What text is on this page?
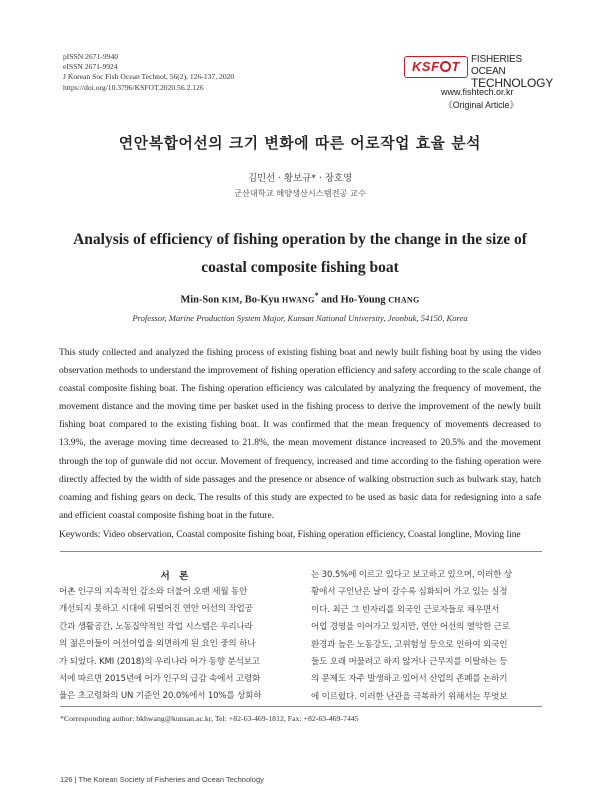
pISSN 2671-9940
eISSN 2671-9924
J Korean Soc Fish Ocean Technol, 56(2), 126-137, 2020
https://doi.org/10.3796/KSFOT.2020.56.2.126
KSF T	FISHERIES OCEAN
TECHNOLOGY
www.fishtech.or.kr
《Original Article》
연안복합어선의 크기 변화에 따른 어로작업 효율 분석
김민선 · 황보규* · 장호영
군산대학교 해양생산시스템전공 교수
Analysis of efficiency of fishing operation by the change in the size of
coastal composite fishing boat
Min-Son KIM, Bo-Kyu HWANG* and Ho-Young CHANG
Professor, Marine Production System Major, Kunsan National University, Jeonbuk, 54150, Korea
This study collected and analyzed the fishing process of existing fishing boat and newly built fishing boat by using the video observation methods to understand the improvement of fishing operation efficiency and safety according to the scale change of coastal composite fishing boat. The fishing operation efficiency was calculated by analyzing the frequency of movement, the movement distance and the moving time per basket used in the fishing process to derive the improvement of the newly built fishing boat compared to the existing fishing boat. It was confirmed that the mean frequency of movements decreased to 13.9%, the average moving time decreased to 21.8%, the mean movement distance increased to 20.5% and the movement through the top of gunwale did not occur. Movement of frequency, increased and time according to the fishing operation were directly affected by the width of side passages and the presence or absence of walking obstruction such as bulwark stay, hatch coaming and fishing gears on deck. The results of this study are expected to be used as basic data for redesigning into a safe and efficient coastal composite fishing boat in the future.
Keywords: Video observation, Coastal composite fishing boat, Fishing operation efficiency, Coastal longline, Moving line
서 론
어촌 인구의 지속적인 감소와 더불어 오랜 세월 동안
개선되지 못하고 시대에 뒤떨어진 연안 어선의 작업공
간과 생활공간, 노동집약적인 작업 시스템은 우리나라
의 젊은이들이 어선어업을 외면하게 된 요인 중의 하나
가 되었다. KMI (2018)의 우리나라 어가 동향 분석보고
서에 따르면 2015년에 어가 인구의 급감 속에서 고령화
율은 초고령화의 UN 기준인 20.0%에서 10%를 상회하
는 30.5%에 이르고 있다고 보고하고 있으며, 이러한 상
황에서 구인난은 날이 갈수록 심화되어 가고 있는 실정
이다. 최근 그 빈자리를 외국인 근로자들로 채우면서
어업 경영을 이어가고 있지만, 연안 어선의 열악한 근로
환경과 높은 노동강도, 고위험성 등으로 인하여 외국인
들도 오래 머물려고 하지 않거나 근무지를 이탈하는 등
의 문제도 자주 발생하고 있어서 산업의 존폐를 논하기
에 이르렀다. 이러한 난관을 극복하기 위해서는 무엇보
*Corresponding author: bkhwang@kunsan.ac.kr, Tel: +82-63-469-1812, Fax: +82-63-469-7445
126 | The Korean Society of Fisheries and Ocean Technology
